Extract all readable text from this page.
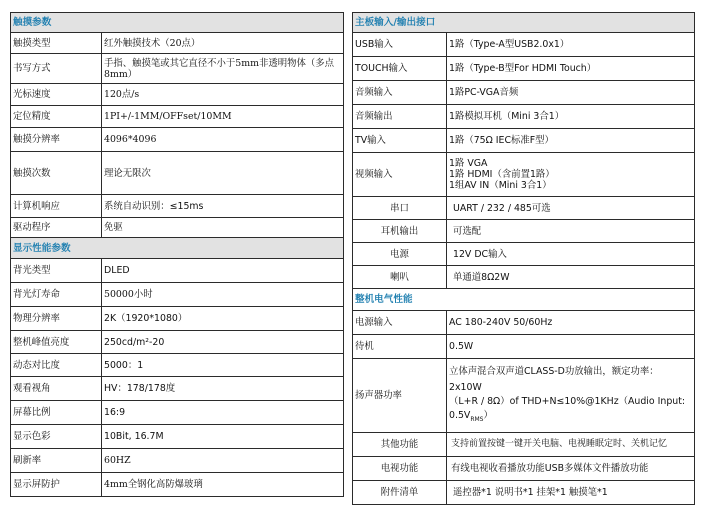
触摸参数	
触摸类型	红外触摸技术（20点）
书写方式	手指、触摸笔或其它直径不小于5mm非透明物体（多点8mm）
光标速度	120点/s
定位精度	1PI+/-1MM/OFFset/10MM
触摸分辨率	4096*4096
触摸次数	理论无限次
计算机响应	系统自动识别：≤15ms
驱动程序	免驱
显示性能参数	
背光类型	DLED
背光灯寿命	50000小时
物理分辨率	2K（1920*1080）
整机峰值亮度	250cd/m²-20
动态对比度	5000：1
观看视角	HV：178/178度
屏幕比例	16:9
显示色彩	10Bit, 16.7M
刷新率	60HZ
显示屏防护	4mm全钢化高防爆玻璃
主板输入/输出接口	
USB输入	1路（Type-A型USB2.0x1）
TOUCH输入	1路（Type-B型For HDMI Touch）
音频输入	1路PC-VGA音频
音频输出	1路模拟耳机（Mini 3合1）
TV输入	1路（75Ω IEC标准F型）
视频输入	1路 VGA
1路 HDMI（含前置1路）
1组AV IN（Mini 3合1）

串口	UART / 232 / 485可选
耳机输出	可选配
电源	12V DC输入
喇叭	单通道8Ω2W
整机电气性能	
电源输入	AC 180-240V 50/60Hz
待机	0.5W
扬声器功率	立体声混合双声道CLASS-D功放输出，额定功率：
2x10W
（L+R / 8Ω）of THD+N≤10%@1KHz（Audio Input:
$0.5V_{RMS}$）

其他功能	支持前置按键一键开关电脑、电视睡眠定时、关机记忆
电视功能	有线电视收看播放功能USB多媒体文件播放功能
附件清单	遥控器*1 说明书*1 挂架*1 触摸笔*1
